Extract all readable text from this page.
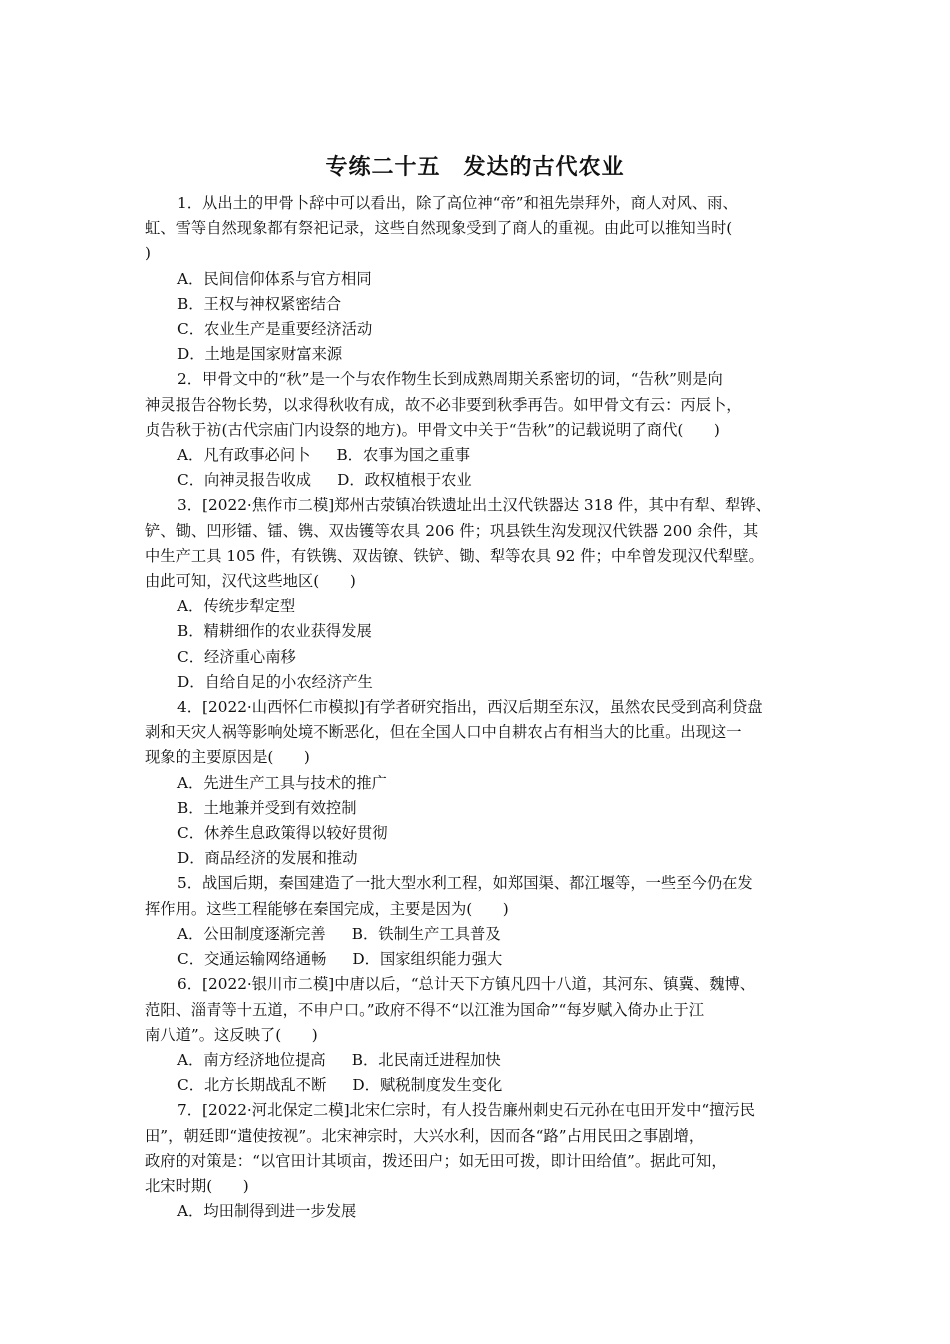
专练二十五　发达的古代农业
1．从出土的甲骨卜辞中可以看出，除了高位神“帝”和祖先崇拜外，商人对风、雨、
虹、雪等自然现象都有祭祀记录，这些自然现象受到了商人的重视。由此可以推知当时(
)
A．民间信仰体系与官方相同
B．王权与神权紧密结合
C．农业生产是重要经济活动
D．土地是国家财富来源
2．甲骨文中的“秋”是一个与农作物生长到成熟周期关系密切的词，“告秋”则是向
神灵报告谷物长势，以求得秋收有成，故不必非要到秋季再告。如甲骨文有云：丙辰卜，
贞告秋于祊(古代宗庙门内设祭的地方)。甲骨文中关于“告秋”的记载说明了商代(　　)
A．凡有政事必问卜 B．农事为国之重事
C．向神灵报告收成 D．政权植根于农业
3．[2022·焦作市二模]郑州古荥镇冶铁遗址出土汉代铁器达 318 件，其中有犁、犁铧、
铲、锄、凹形镭、镭、镌、双齿镬等农具 206 件；巩县铁生沟发现汉代铁器 200 余件，其
中生产工具 105 件，有铁镌、双齿镣、铁铲、锄、犁等农具 92 件；中牟曾发现汉代犁壁。
由此可知，汉代这些地区(　　)
A．传统步犁定型
B．精耕细作的农业获得发展
C．经济重心南移
D．自给自足的小农经济产生
4．[2022·山西怀仁市模拟]有学者研究指出，西汉后期至东汉，虽然农民受到高利贷盘
剥和天灾人祸等影响处境不断恶化，但在全国人口中自耕农占有相当大的比重。出现这一
现象的主要原因是(　　)
A．先进生产工具与技术的推广
B．土地兼并受到有效控制
C．休养生息政策得以较好贯彻
D．商品经济的发展和推动
5．战国后期，秦国建造了一批大型水利工程，如郑国渠、都江堰等，一些至今仍在发
挥作用。这些工程能够在秦国完成，主要是因为(　　)
A．公田制度逐渐完善 B．铁制生产工具普及
C．交通运输网络通畅 D．国家组织能力强大
6．[2022·银川市二模]中唐以后，“总计天下方镇凡四十八道，其河东、镇冀、魏博、
范阳、淄青等十五道，不申户口。”政府不得不“以江淮为国命”“每岁赋入倚办止于江
南八道”。这反映了(　　)
A．南方经济地位提高 B．北民南迁进程加快
C．北方长期战乱不断 D．赋税制度发生变化
7．[2022·河北保定二模]北宋仁宗时，有人投告廉州刺史石元孙在屯田开发中“擅污民
田”，朝廷即“遣使按视”。北宋神宗时，大兴水利，因而各“路”占用民田之事剧增，
政府的对策是：“以官田计其顷亩，拨还田户；如无田可拨，即计田给值”。据此可知，
北宋时期(　　)
A．均田制得到进一步发展
